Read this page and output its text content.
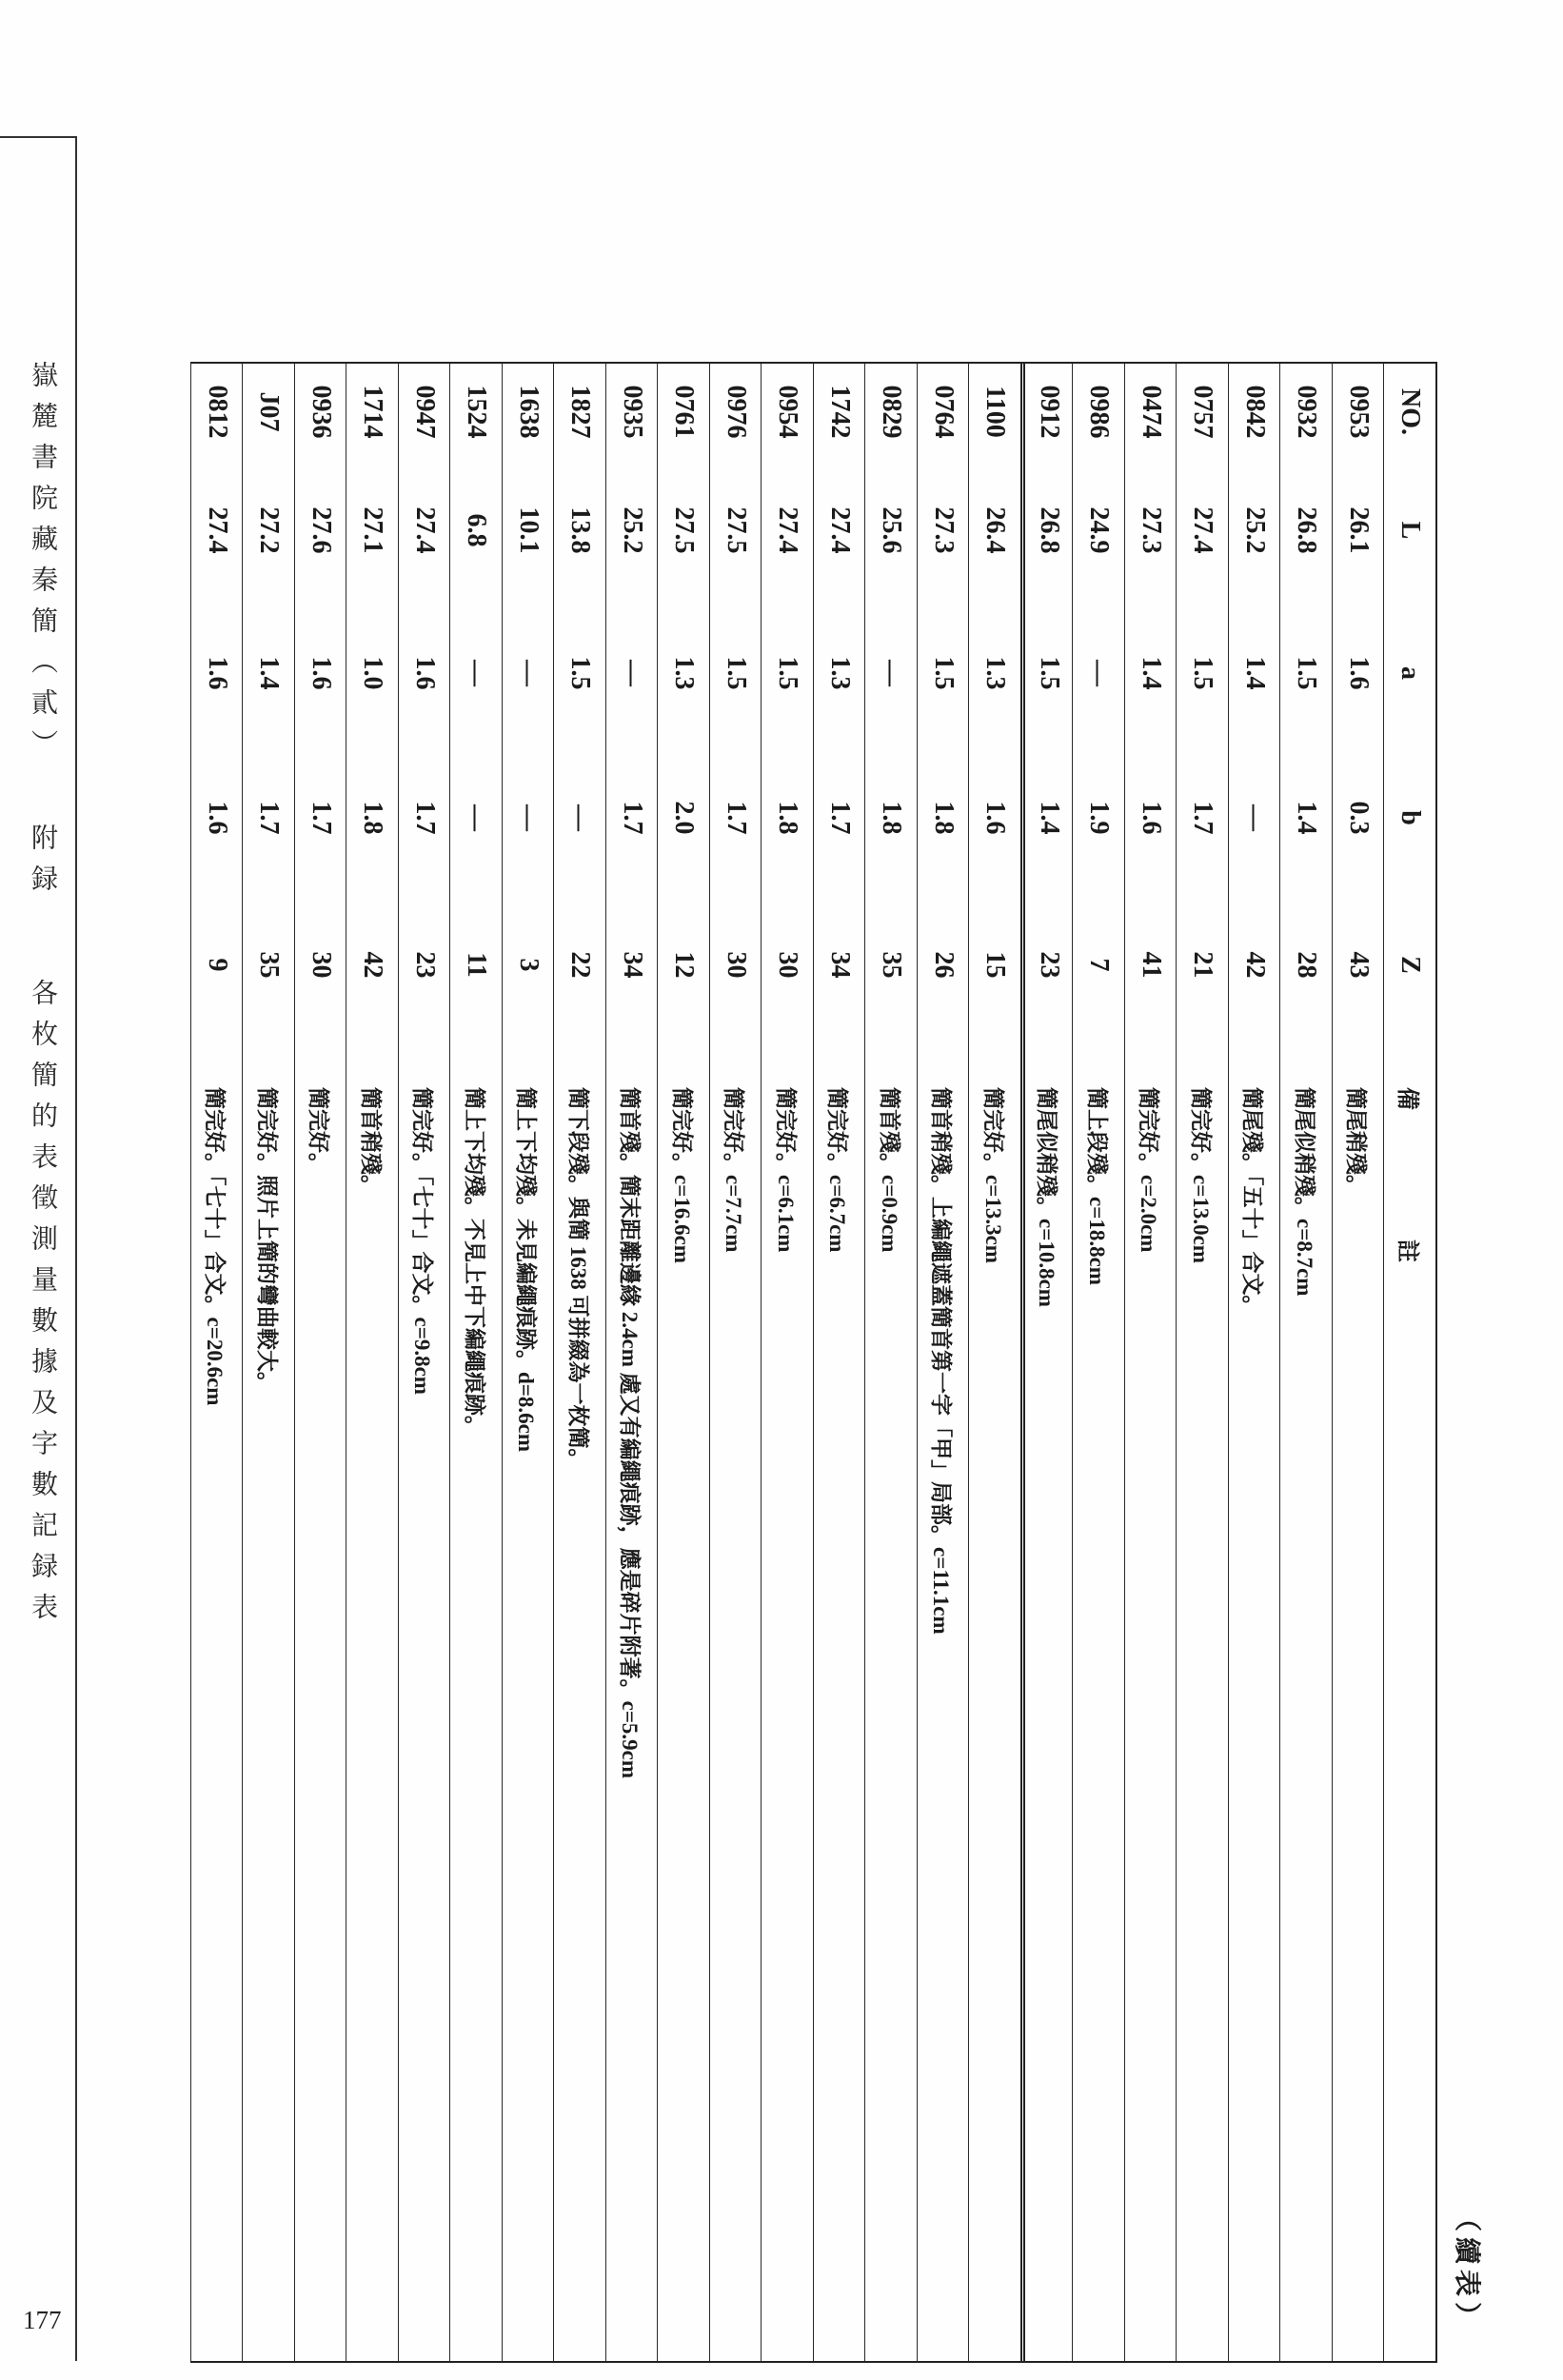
嶽麓書院藏秦簡（貳）
附録
各枚簡的表徵測量數據及字數記録表
177	（續表）
NO.
L
a
b
Z
備註
0953
26.1
1.6
0.3
43
簡尾稍殘。
0932
26.8
1.5
1.4
28
簡尾似稍殘。c=8.7cm
0842
25.2
1.4
—
42
簡尾殘。「五十」合文。
0757
27.4
1.5
1.7
21
簡完好。c=13.0cm
0474
27.3
1.4
1.6
41
簡完好。c=2.0cm
0986
24.9
—
1.9
7
簡上段殘。c=18.8cm
0912
26.8
1.5
1.4
23
簡尾似稍殘。c=10.8cm
1100
26.4
1.3
1.6
15
簡完好。c=13.3cm
0764
27.3
1.5
1.8
26
簡首稍殘。上編繩遮蓋簡首第一字「甲」局部。c=11.1cm
0829
25.6
—
1.8
35
簡首殘。c=0.9cm
1742
27.4
1.3
1.7
34
簡完好。c=6.7cm
0954
27.4
1.5
1.8
30
簡完好。c=6.1cm
0976
27.5
1.5
1.7
30
簡完好。c=7.7cm
0761
27.5
1.3
2.0
12
簡完好。c=16.6cm
0935
25.2
—
1.7
34
簡首殘。簡末距離邊緣 2.4cm 處又有編繩痕跡，應是碎片附著。c=5.9cm
1827
13.8
1.5
—
22
簡下段殘。與簡 1638 可拼綴為一枚簡。
1638
10.1
—
—
3
簡上下均殘。未見編繩痕跡。d=8.6cm
1524
6.8
—
—
11
簡上下均殘。不見上中下編繩痕跡。
0947
27.4
1.6
1.7
23
簡完好。「七十」合文。c=9.8cm
1714
27.1
1.0
1.8
42
簡首稍殘。
0936
27.6
1.6
1.7
30
簡完好。
J07
27.2
1.4
1.7
35
簡完好。照片上簡的彎曲較大。
0812
27.4
1.6
1.6
9
簡完好。「七十」合文。c=20.6cm
